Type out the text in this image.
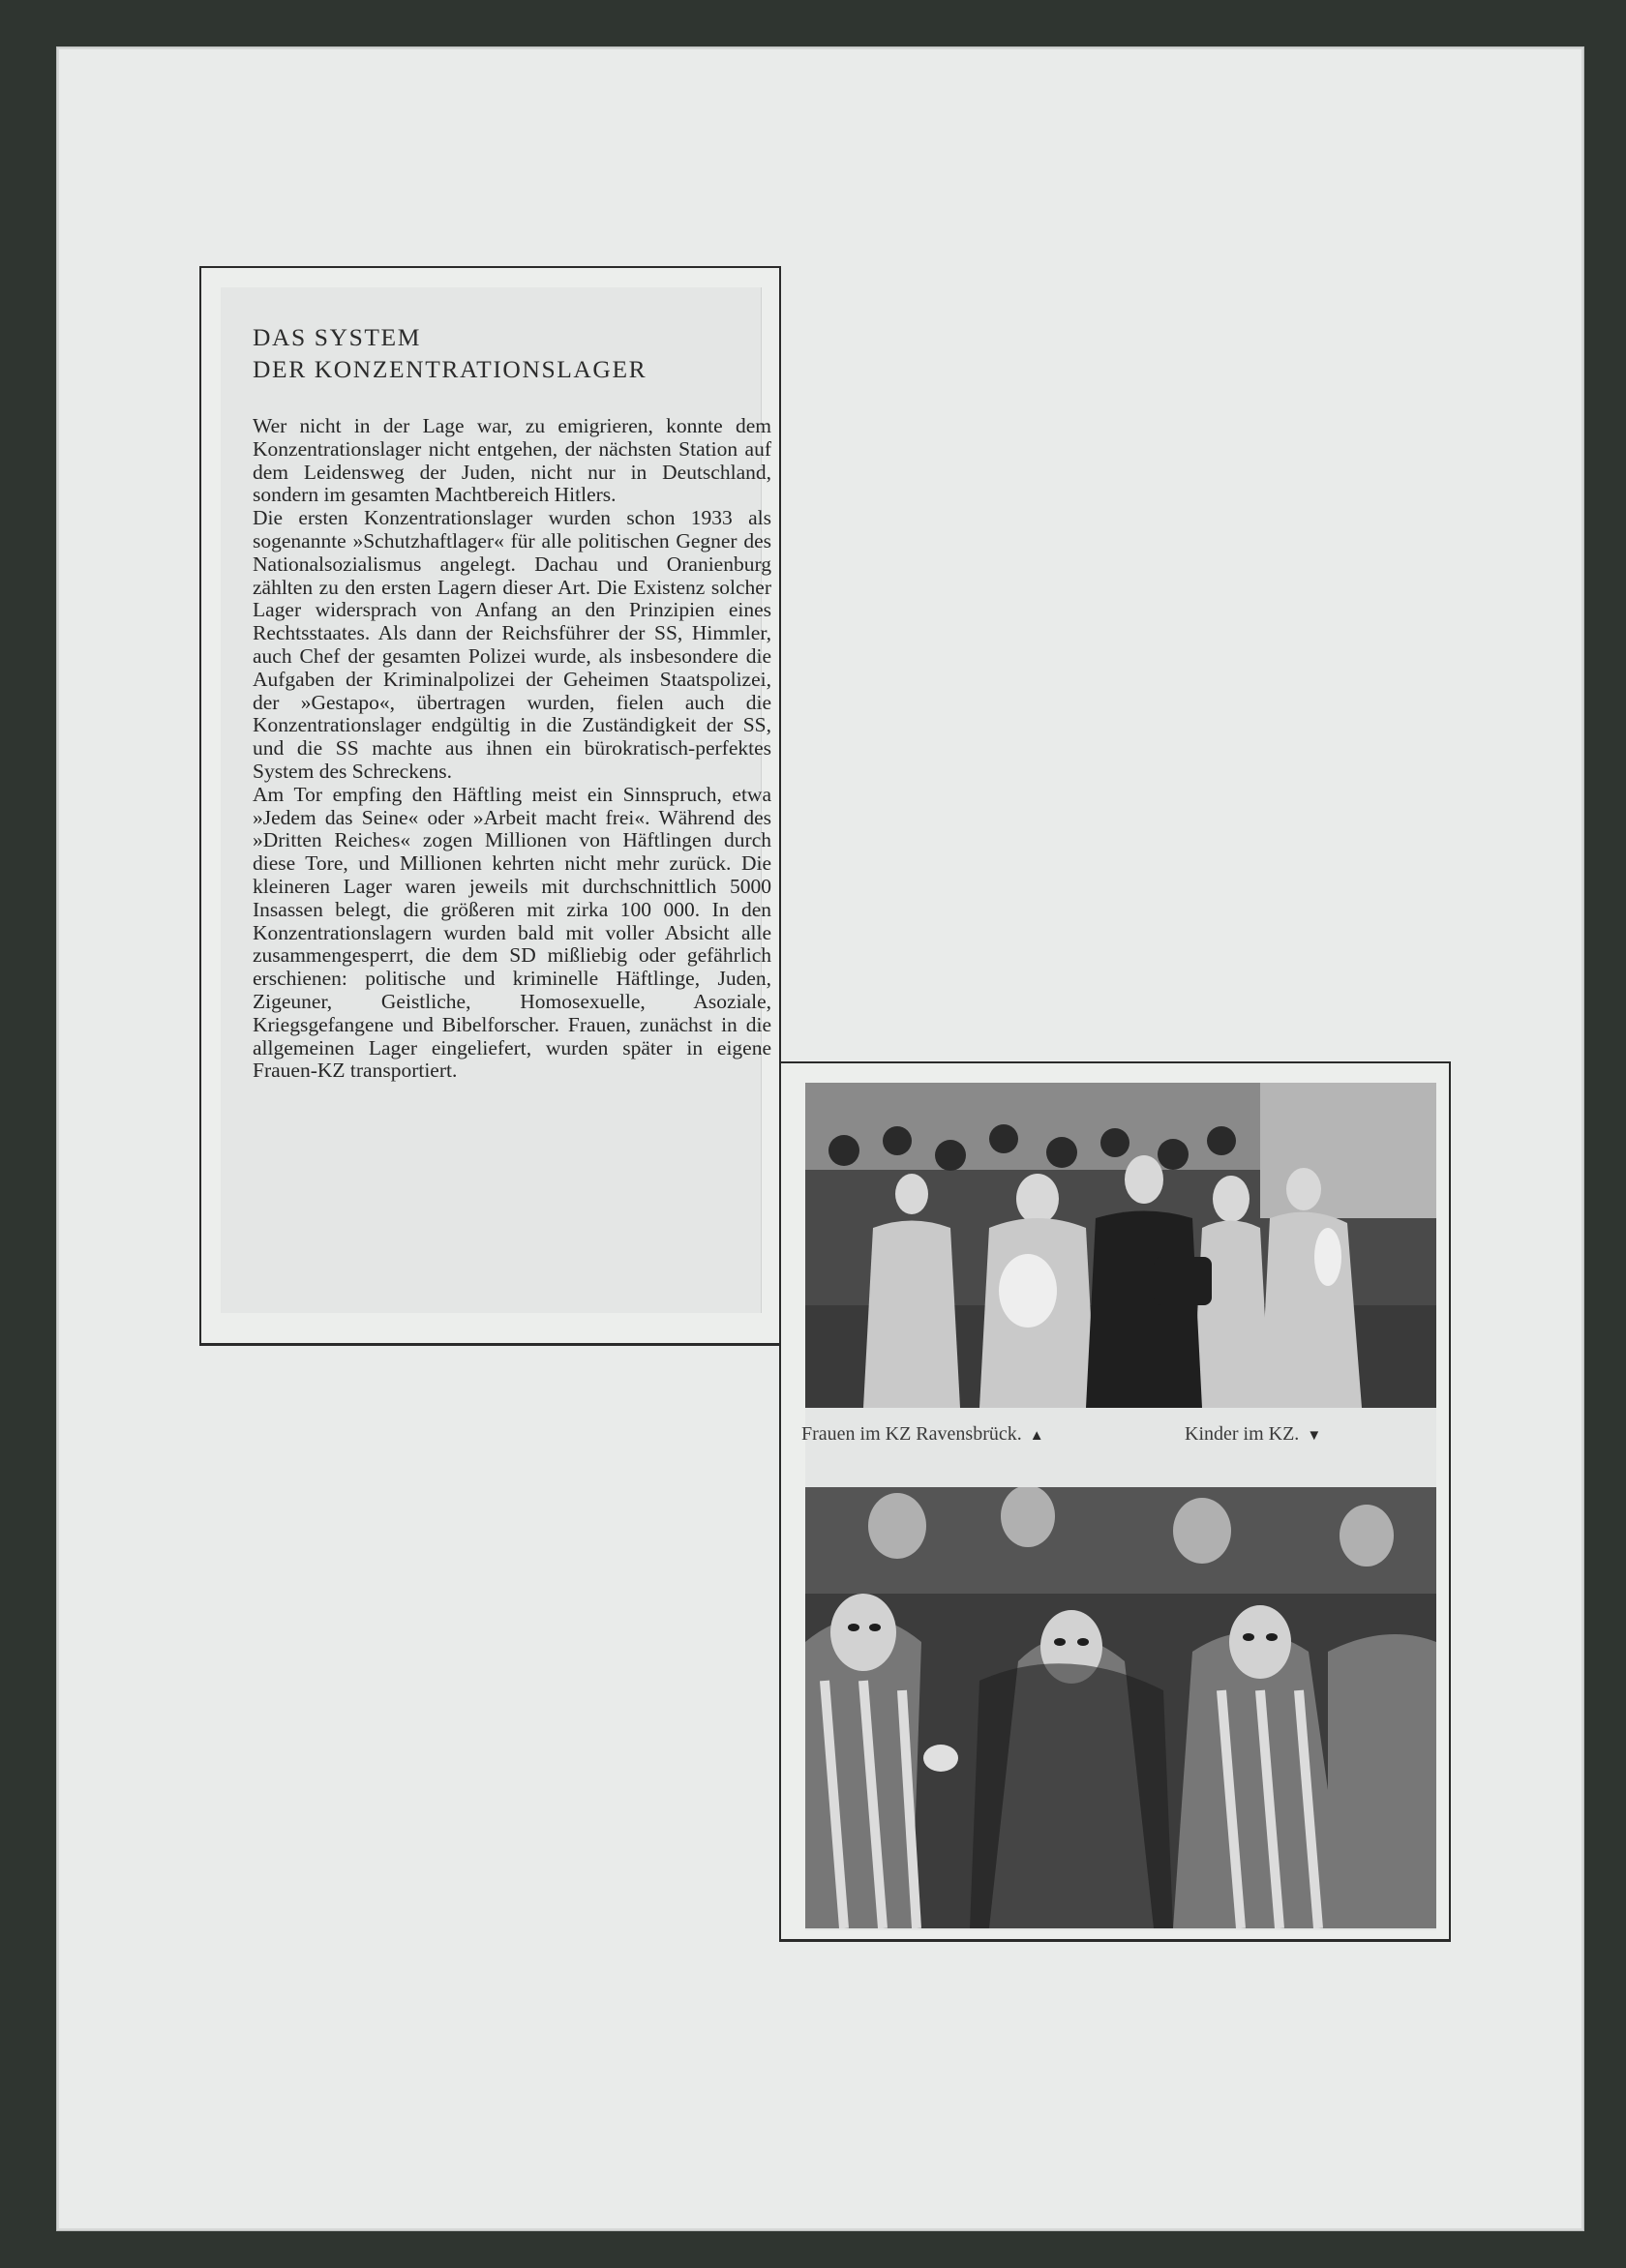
DAS SYSTEM
DER KONZENTRATIONSLAGER

Wer nicht in der Lage war, zu emigrieren, konnte dem Konzentrationslager nicht entgehen, der nächsten Station auf dem Leidensweg der Juden, nicht nur in Deutschland, sondern im gesamten Machtbereich Hitlers.

Die ersten Konzentrationslager wurden schon 1933 als sogenannte »Schutzhaftlager« für alle politischen Gegner des Nationalsozialismus angelegt. Dachau und Oranienburg zählten zu den ersten Lagern dieser Art. Die Existenz solcher Lager widersprach von Anfang an den Prinzipien eines Rechtsstaates. Als dann der Reichsführer der SS, Himmler, auch Chef der gesamten Polizei wurde, als insbesondere die Aufgaben der Kriminalpolizei der Geheimen Staatspolizei, der »Gestapo«, übertragen wurden, fielen auch die Konzentrationslager endgültig in die Zuständigkeit der SS, und die SS machte aus ihnen ein bürokratisch-perfektes System des Schreckens.

Am Tor empfing den Häftling meist ein Sinnspruch, etwa »Jedem das Seine« oder »Arbeit macht frei«. Während des »Dritten Reiches« zogen Millionen von Häftlingen durch diese Tore, und Millionen kehrten nicht mehr zurück. Die kleineren Lager waren jeweils mit durchschnittlich 5000 Insassen belegt, die größeren mit zirka 100 000. In den Konzentrationslagern wurden bald mit voller Absicht alle zusammengesperrt, die dem SD mißliebig oder gefährlich erschienen: politische und kriminelle Häftlinge, Juden, Zigeuner, Geistliche, Homosexuelle, Asoziale, Kriegsgefangene und Bibelforscher. Frauen, zunächst in die allgemeinen Lager eingeliefert, wurden später in eigene Frauen-KZ transportiert.

Frauen im KZ Ravensbrück. ▲	Kinder im KZ. ▼
